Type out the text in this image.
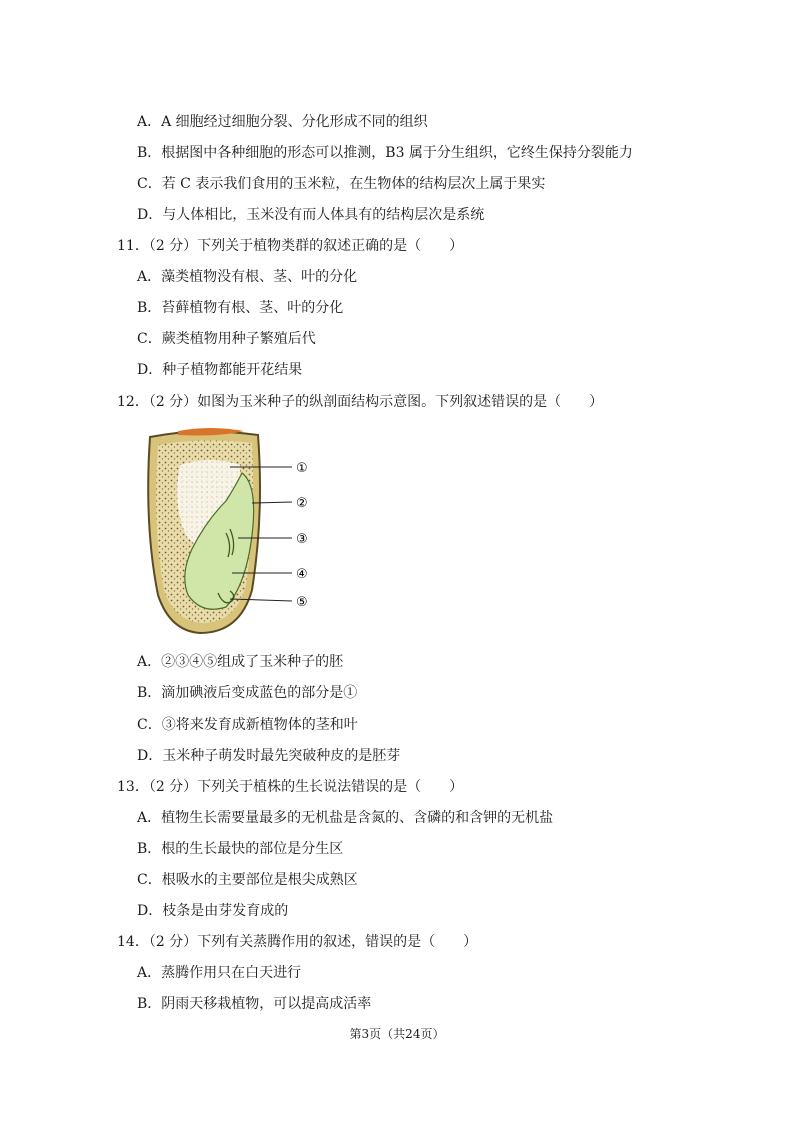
A．A 细胞经过细胞分裂、分化形成不同的组织
B．根据图中各种细胞的形态可以推测，B3 属于分生组织，它终生保持分裂能力
C．若 C 表示我们食用的玉米粒，在生物体的结构层次上属于果实
D．与人体相比，玉米没有而人体具有的结构层次是系统
11．（2 分）下列关于植物类群的叙述正确的是（　　）
A．藻类植物没有根、茎、叶的分化
B．苔藓植物有根、茎、叶的分化
C．蕨类植物用种子繁殖后代
D．种子植物都能开花结果
12．（2 分）如图为玉米种子的纵剖面结构示意图。下列叙述错误的是（　　）
①
②
③
④
⑤
A．②③④⑤组成了玉米种子的胚
B．滴加碘液后变成蓝色的部分是①
C．③将来发育成新植物体的茎和叶
D．玉米种子萌发时最先突破种皮的是胚芽
13．（2 分）下列关于植株的生长说法错误的是（　　）
A．植物生长需要量最多的无机盐是含氮的、含磷的和含钾的无机盐
B．根的生长最快的部位是分生区
C．根吸水的主要部位是根尖成熟区
D．枝条是由芽发育成的
14．（2 分）下列有关蒸腾作用的叙述，错误的是（　　）
A．蒸腾作用只在白天进行
B．阴雨天移栽植物，可以提高成活率
第3页（共24页）
